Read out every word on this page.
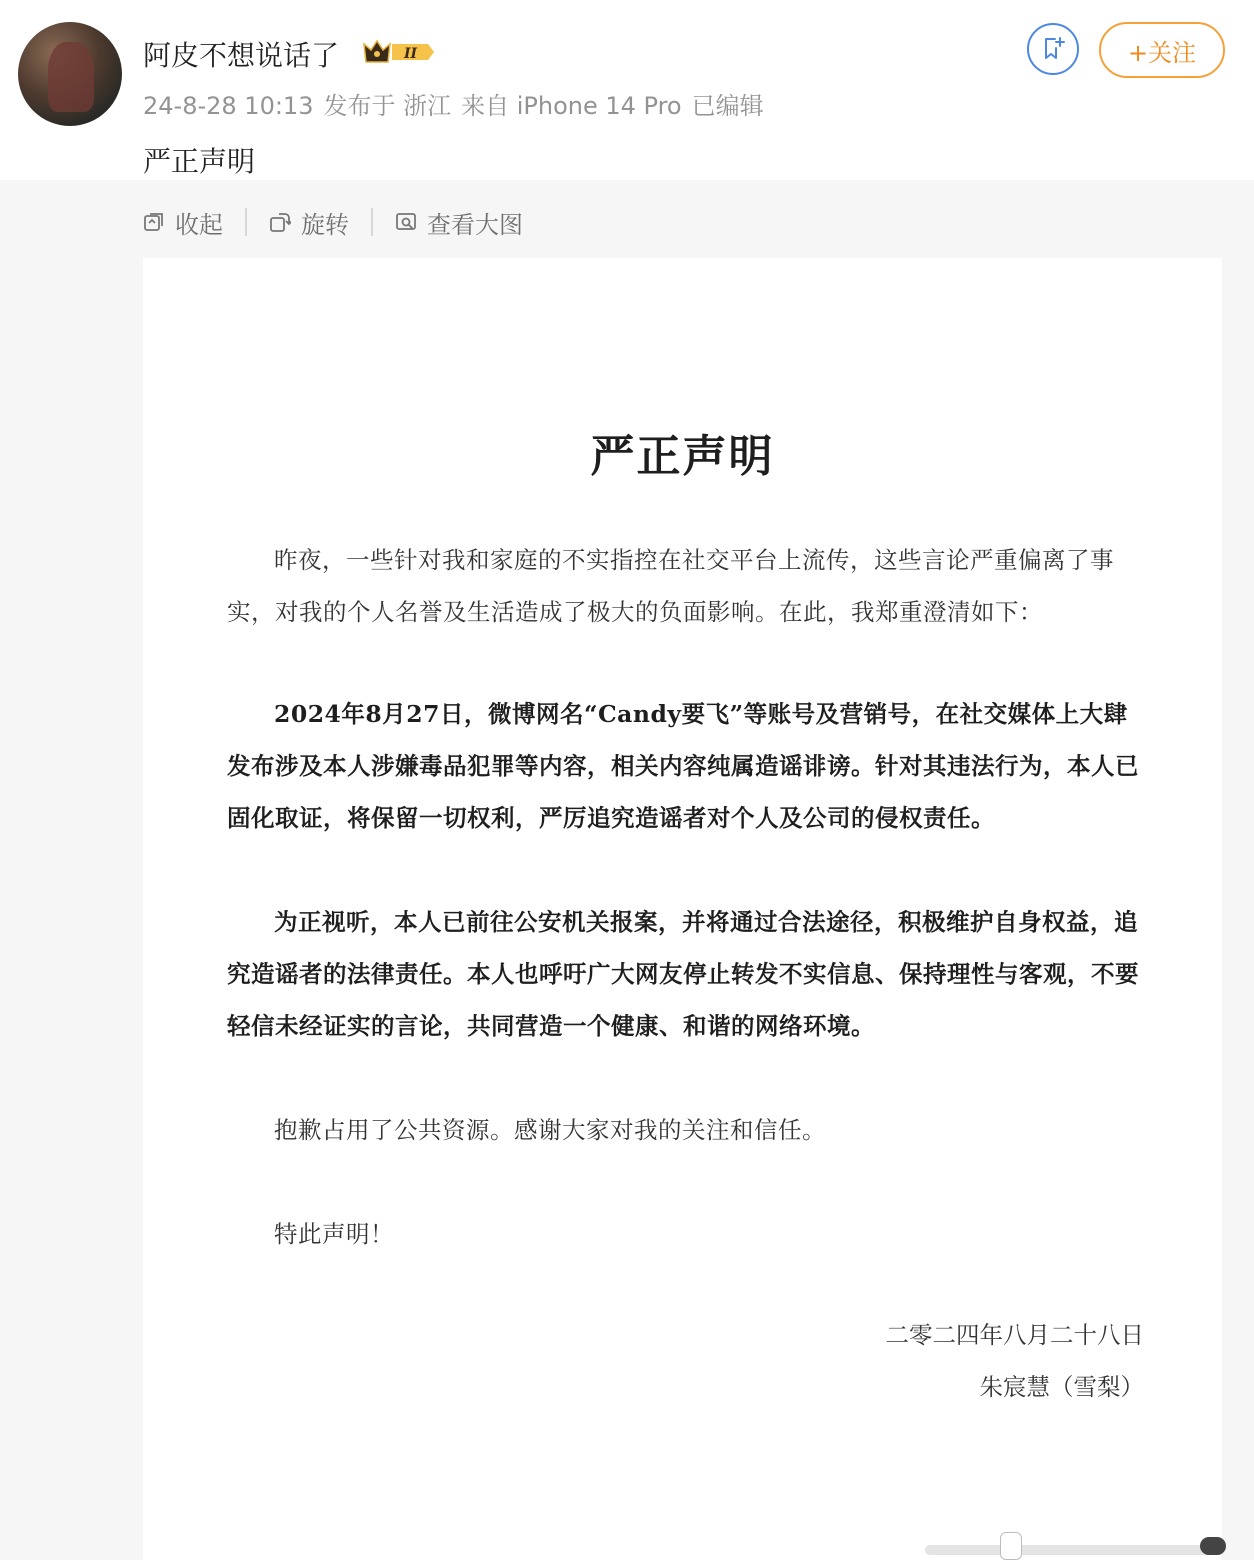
阿皮不想说话了	II
24-8-28 10:13 发布于 浙江 来自 iPhone 14 Pro 已编辑
严正声明
+关注
收起	旋转	查看大图
严正声明
昨夜，一些针对我和家庭的不实指控在社交平台上流传，这些言论严重偏离了事实，对我的个人名誉及生活造成了极大的负面影响。在此，我郑重澄清如下：
2024年8月27日，微博网名“Candy要飞”等账号及营销号，在社交媒体上大肆发布涉及本人涉嫌毒品犯罪等内容，相关内容纯属造谣诽谤。针对其违法行为，本人已固化取证，将保留一切权利，严厉追究造谣者对个人及公司的侵权责任。
为正视听，本人已前往公安机关报案，并将通过合法途径，积极维护自身权益，追究造谣者的法律责任。本人也呼吁广大网友停止转发不实信息、保持理性与客观，不要轻信未经证实的言论，共同营造一个健康、和谐的网络环境。
抱歉占用了公共资源。感谢大家对我的关注和信任。
特此声明！
二零二四年八月二十八日
朱宸慧（雪梨）
